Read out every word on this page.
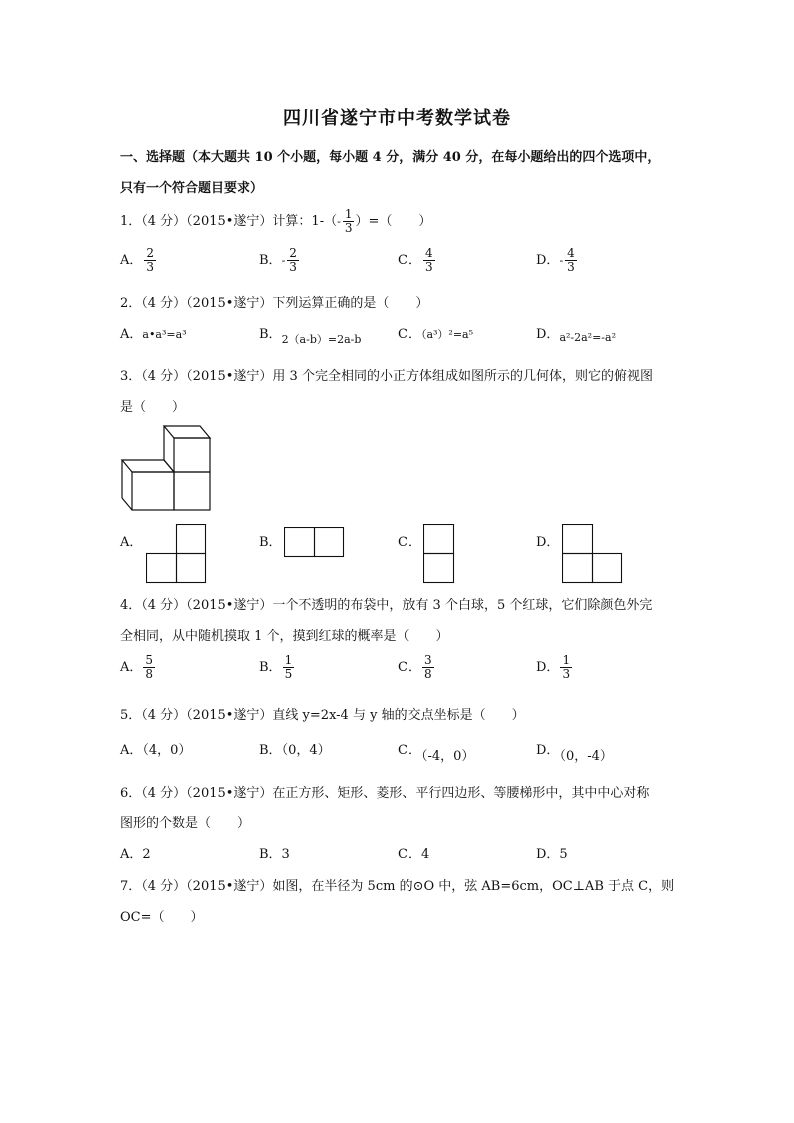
四川省遂宁市中考数学试卷
一、选择题（本大题共 10 个小题，每小题 4 分，满分 40 分，在每小题给出的四个选项中，
只有一个符合题目要求）
1．（4 分）（2015•遂宁）计算：$1-(- \frac{1}{3}$ ）=（　　）
A． $\frac{2}{3}$	B．- $\frac{2}{3}$	C． $\frac{4}{3}$	D．- $\frac{4}{3}$
2．（4 分）（2015•遂宁）下列运算正确的是（　　）
A．a•a³=a³	B．$_{2(a-b)=2a-b}$	C．（a³）²=a⁵	D．$_{a^2-2a^2=-a^2}$
3．（4 分）（2015•遂宁）用 3 个完全相同的小正方体组成如图所示的几何体，则它的俯视图
是（　　）
A．	B．	C．	D．
4．（4 分）（2015•遂宁）一个不透明的布袋中，放有 3 个白球，5 个红球，它们除颜色外完
全相同，从中随机摸取 1 个，摸到红球的概率是（　　）
A． $\frac{5}{8}$	B． $\frac{1}{5}$	C． $\frac{3}{8}$	D． $\frac{1}{3}$
5．（4 分）（2015•遂宁）直线 y=2x-4 与 y 轴的交点坐标是（　　）
A．（4，0）	B．（0，4）	C．（-4，0）	D．（0，-4）
6．（4 分）（2015•遂宁）在正方形、矩形、菱形、平行四边形、等腰梯形中，其中中心对称
图形的个数是（　　）
A．2	B．3	C．4	D．5
7．（4 分）（2015•遂宁）如图，在半径为 5cm 的⊙O 中，弦 AB=6cm，OC⊥AB 于点 C，则
OC=（　　）
